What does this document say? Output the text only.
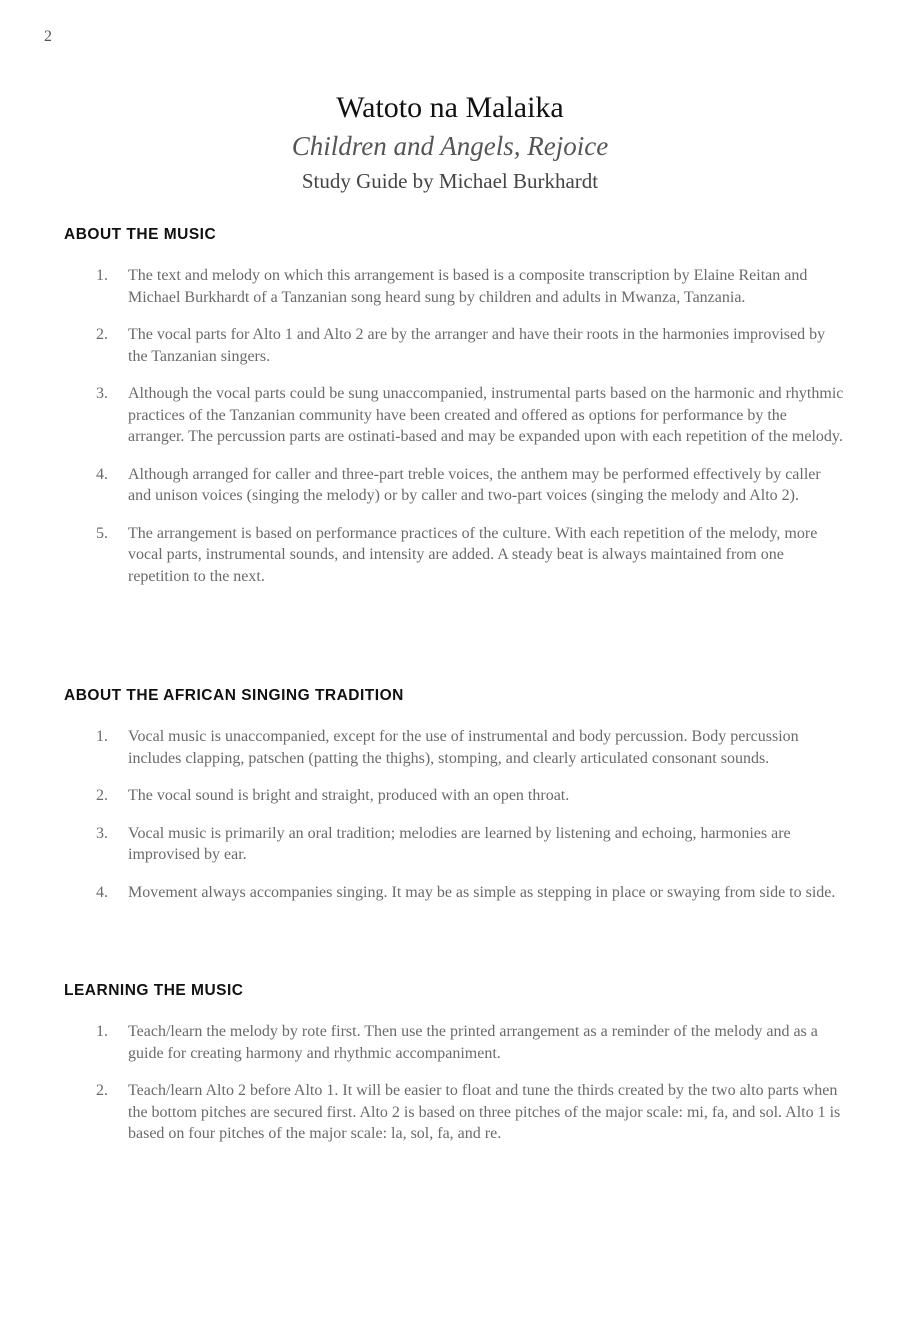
2
Watoto na Malaika

Children and Angels, Rejoice

Study Guide by Michael Burkhardt

ABOUT THE MUSIC
1.	The text and melody on which this arrangement is based is a composite transcription by Elaine Reitan and Michael Burkhardt of a Tanzanian song heard sung by children and adults in Mwanza, Tanzania.
2.	The vocal parts for Alto 1 and Alto 2 are by the arranger and have their roots in the harmonies improvised by the Tanzanian singers.
3.	Although the vocal parts could be sung unaccompanied, instrumental parts based on the harmonic and rhythmic practices of the Tanzanian community have been created and offered as options for performance by the arranger. The percussion parts are ostinati-based and may be expanded upon with each repetition of the melody.
4.	Although arranged for caller and three-part treble voices, the anthem may be performed effectively by caller and unison voices (singing the melody) or by caller and two-part voices (singing the melody and Alto 2).
5.	The arrangement is based on performance practices of the culture. With each repetition of the melody, more vocal parts, instrumental sounds, and intensity are added. A steady beat is always maintained from one repetition to the next.
ABOUT THE AFRICAN SINGING TRADITION
1.	Vocal music is unaccompanied, except for the use of instrumental and body percussion. Body percussion includes clapping, patschen (patting the thighs), stomping, and clearly articulated consonant sounds.
2.	The vocal sound is bright and straight, produced with an open throat.
3.	Vocal music is primarily an oral tradition; melodies are learned by listening and echoing, harmonies are improvised by ear.
4.	Movement always accompanies singing. It may be as simple as stepping in place or swaying from side to side.
LEARNING THE MUSIC
1.	Teach/learn the melody by rote first. Then use the printed arrangement as a reminder of the melody and as a guide for creating harmony and rhythmic accompaniment.
2.	Teach/learn Alto 2 before Alto 1. It will be easier to float and tune the thirds created by the two alto parts when the bottom pitches are secured first. Alto 2 is based on three pitches of the major scale: mi, fa, and sol. Alto 1 is based on four pitches of the major scale: la, sol, fa, and re.
